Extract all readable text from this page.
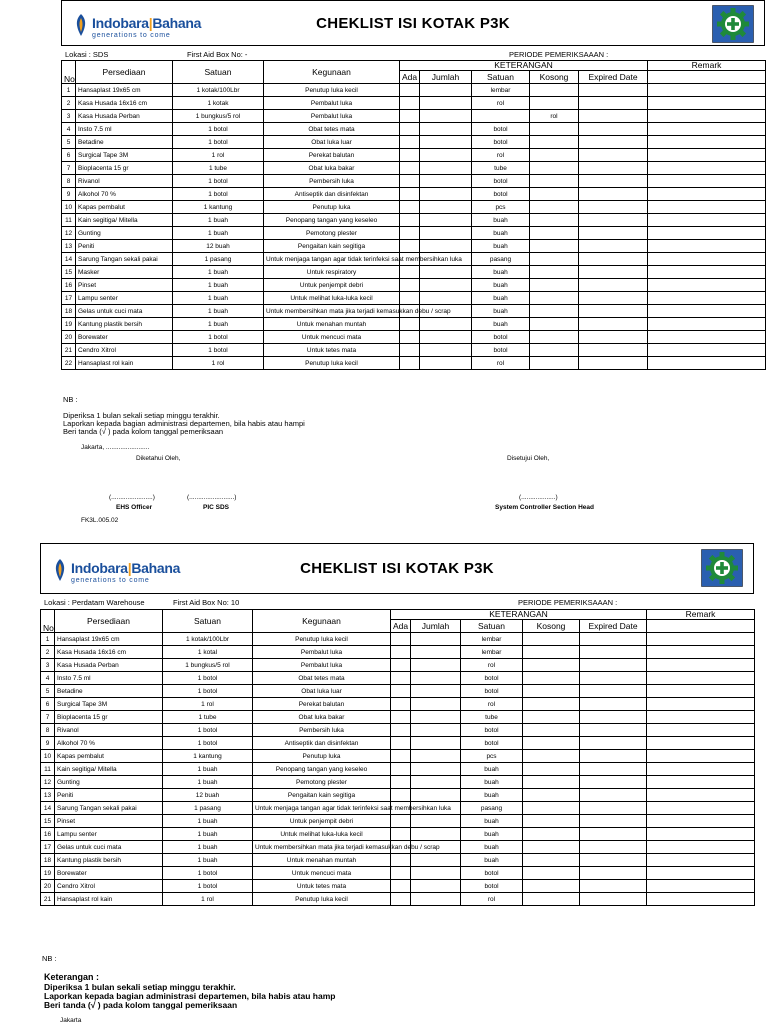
Indobara|Bahana
generations to come
CHEKLIST ISI KOTAK P3K
Lokasi : SDS	First Aid Box No: -	PERIODE PEMERIKSAAAN :
No	Persediaan	Satuan	Kegunaan	KETERANGAN					Remark
				Ada	Jumlah	Satuan	Kosong	Expired Date	
1	Hansaplast 19x65 cm	1 kotak/100Lbr	Penutup luka kecil			lembar			
2	Kasa Husada 16x16 cm	1 kotak	Pembalut luka			rol			
3	Kasa Husada Perban	1 bungkus/5 rol	Pembalut luka				rol		
4	Insto 7.5 ml	1 botol	Obat tetes mata			botol			
5	Betadine	1 botol	Obat luka luar			botol			
6	Surgical Tape 3M	1 rol	Perekat balutan			rol			
7	Bioplacenta 15 gr	1 tube	Obat luka bakar			tube			
8	Rivanol	1 botol	Pembersih luka			botol			
9	Alkohol 70 %	1 botol	Antiseptik dan disinfektan			botol			
10	Kapas pembalut	1 kantung	Penutup luka			pcs			
11	Kain segitiga/ Mitella	1 buah	Penopang tangan yang keseleo			buah			
12	Gunting	1 buah	Pemotong plester			buah			
13	Peniti	12 buah	Pengaitan kain segitiga			buah			
14	Sarung Tangan sekali pakai	1 pasang	Untuk menjaga tangan agar tidak terinfeksi saat membersihkan luka			pasang			
15	Masker	1 buah	Untuk respiratory			buah			
16	Pinset	1 buah	Untuk penjempit debri			buah			
17	Lampu senter	1 buah	Untuk melihat luka-luka kecil			buah			
18	Gelas untuk cuci mata	1 buah	Untuk membersihkan mata jika terjadi kemasukkan debu / scrap			buah			
19	Kantung plastik bersih	1 buah	Untuk menahan muntah			buah			
20	Borewater	1 botol	Untuk mencuci mata			botol			
21	Cendro Xitrol	1 botol	Untuk tetes mata			botol			
22	Hansaplast rol kain	1 rol	Penutup luka kecil			rol			
NB :
Diperiksa 1 bulan sekali setiap minggu terakhir.
Laporkan kepada bagian administrasi departemen, bila habis atau hampi
Beri tanda (√ ) pada kolom tanggal pemeriksaan
Jakarta, ........................
Diketahui Oleh,	Disetujui Oleh,
(.......................)	(.........................)	(...................)
EHS Officer	PIC SDS	System Controller Section Head
FK3L.005.02
Indobara|Bahana
generations to come
CHEKLIST ISI KOTAK P3K
Lokasi : Perdatam Warehouse	First Aid Box No: 10	PERIODE PEMERIKSAAAN :
No	Persediaan	Satuan	Kegunaan	KETERANGAN					Remark
				Ada	Jumlah	Satuan	Kosong	Expired Date	
1	Hansaplast 19x65 cm	1 kotak/100Lbr	Penutup luka kecil			lembar			
2	Kasa Husada 16x16 cm	1 kotal	Pembalut luka			lembar			
3	Kasa Husada Perban	1 bungkus/5 rol	Pembalut luka			rol			
4	Insto 7.5 ml	1 botol	Obat tetes mata			botol			
5	Betadine	1 botol	Obat luka luar			botol			
6	Surgical Tape 3M	1 rol	Perekat balutan			rol			
7	Bioplacenta 15 gr	1 tube	Obat luka bakar			tube			
8	Rivanol	1 botol	Pembersih luka			botol			
9	Alkohol 70 %	1 botol	Antiseptik dan disinfektan			botol			
10	Kapas pembalut	1 kantung	Penutup luka			pcs			
11	Kain segitiga/ Mitella	1 buah	Penopang tangan yang keseleo			buah			
12	Gunting	1 buah	Pemotong plester			buah			
13	Peniti	12 buah	Pengaitan kain segitiga			buah			
14	Sarung Tangan sekali pakai	1 pasang	Untuk menjaga tangan agar tidak terinfeksi saat membersihkan luka			pasang			
15	Pinset	1 buah	Untuk penjempit debri			buah			
16	Lampu senter	1 buah	Untuk melihat luka-luka kecil			buah			
17	Gelas untuk cuci mata	1 buah	Untuk membersihkan mata jika terjadi kemasukkan debu / scrap			buah			
18	Kantung plastik bersih	1 buah	Untuk menahan muntah			buah			
19	Borewater	1 botol	Untuk mencuci mata			botol			
20	Cendro Xitrol	1 botol	Untuk tetes mata			botol			
21	Hansaplast rol kain	1 rol	Penutup luka kecil			rol			
NB :
Keterangan :
Diperiksa 1 bulan sekali setiap minggu terakhir.
Laporkan kepada bagian administrasi departemen, bila habis atau hamp
Beri tanda (√ ) pada kolom tanggal pemeriksaan
Jakarta
